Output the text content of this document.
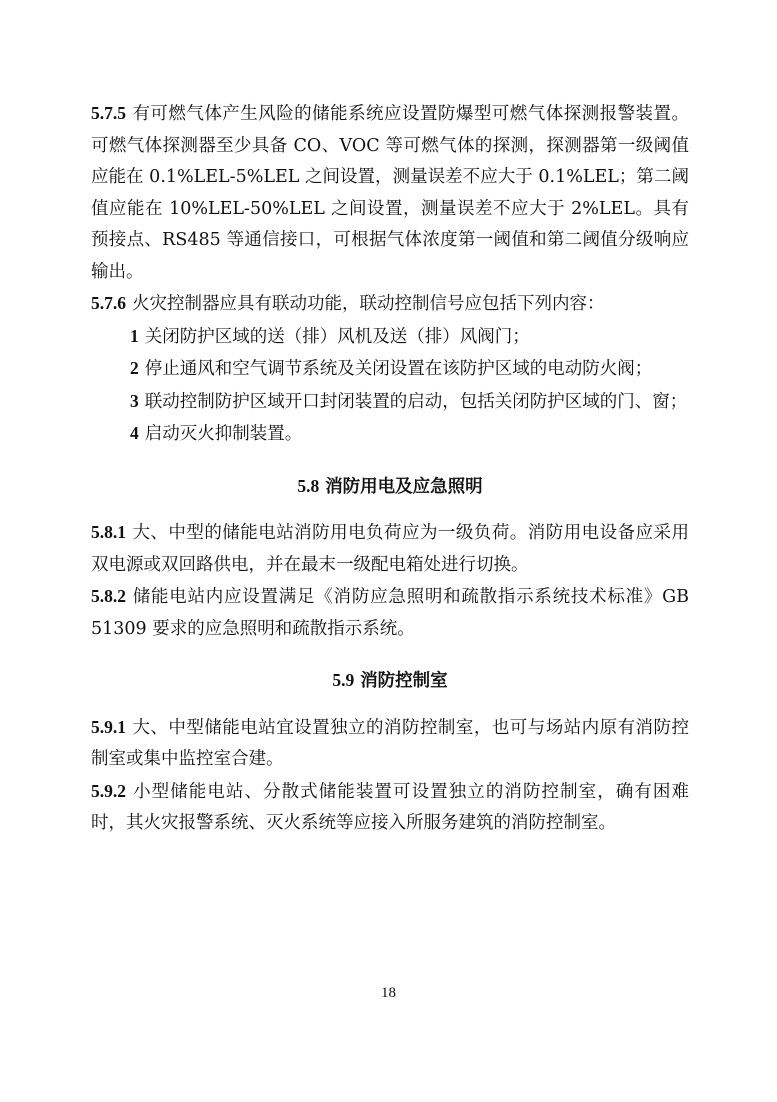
5.7.5 有可燃气体产生风险的储能系统应设置防爆型可燃气体探测报警装置。可燃气体探测器至少具备 CO、VOC 等可燃气体的探测，探测器第一级阈值应能在 0.1%LEL-5%LEL 之间设置，测量误差不应大于 0.1%LEL；第二阈值应能在 10%LEL-50%LEL 之间设置，测量误差不应大于 2%LEL。具有预接点、RS485 等通信接口，可根据气体浓度第一阈值和第二阈值分级响应输出。

5.7.6 火灾控制器应具有联动功能，联动控制信号应包括下列内容：

1 关闭防护区域的送（排）风机及送（排）风阀门；

2 停止通风和空气调节系统及关闭设置在该防护区域的电动防火阀；

3 联动控制防护区域开口封闭装置的启动，包括关闭防护区域的门、窗；

4 启动灭火抑制装置。

5.8 消防用电及应急照明

5.8.1 大、中型的储能电站消防用电负荷应为一级负荷。消防用电设备应采用双电源或双回路供电，并在最末一级配电箱处进行切换。

5.8.2 储能电站内应设置满足《消防应急照明和疏散指示系统技术标准》GB 51309 要求的应急照明和疏散指示系统。

5.9 消防控制室

5.9.1 大、中型储能电站宜设置独立的消防控制室，也可与场站内原有消防控制室或集中监控室合建。

5.9.2 小型储能电站、分散式储能装置可设置独立的消防控制室，确有困难时，其火灾报警系统、灭火系统等应接入所服务建筑的消防控制室。

18
